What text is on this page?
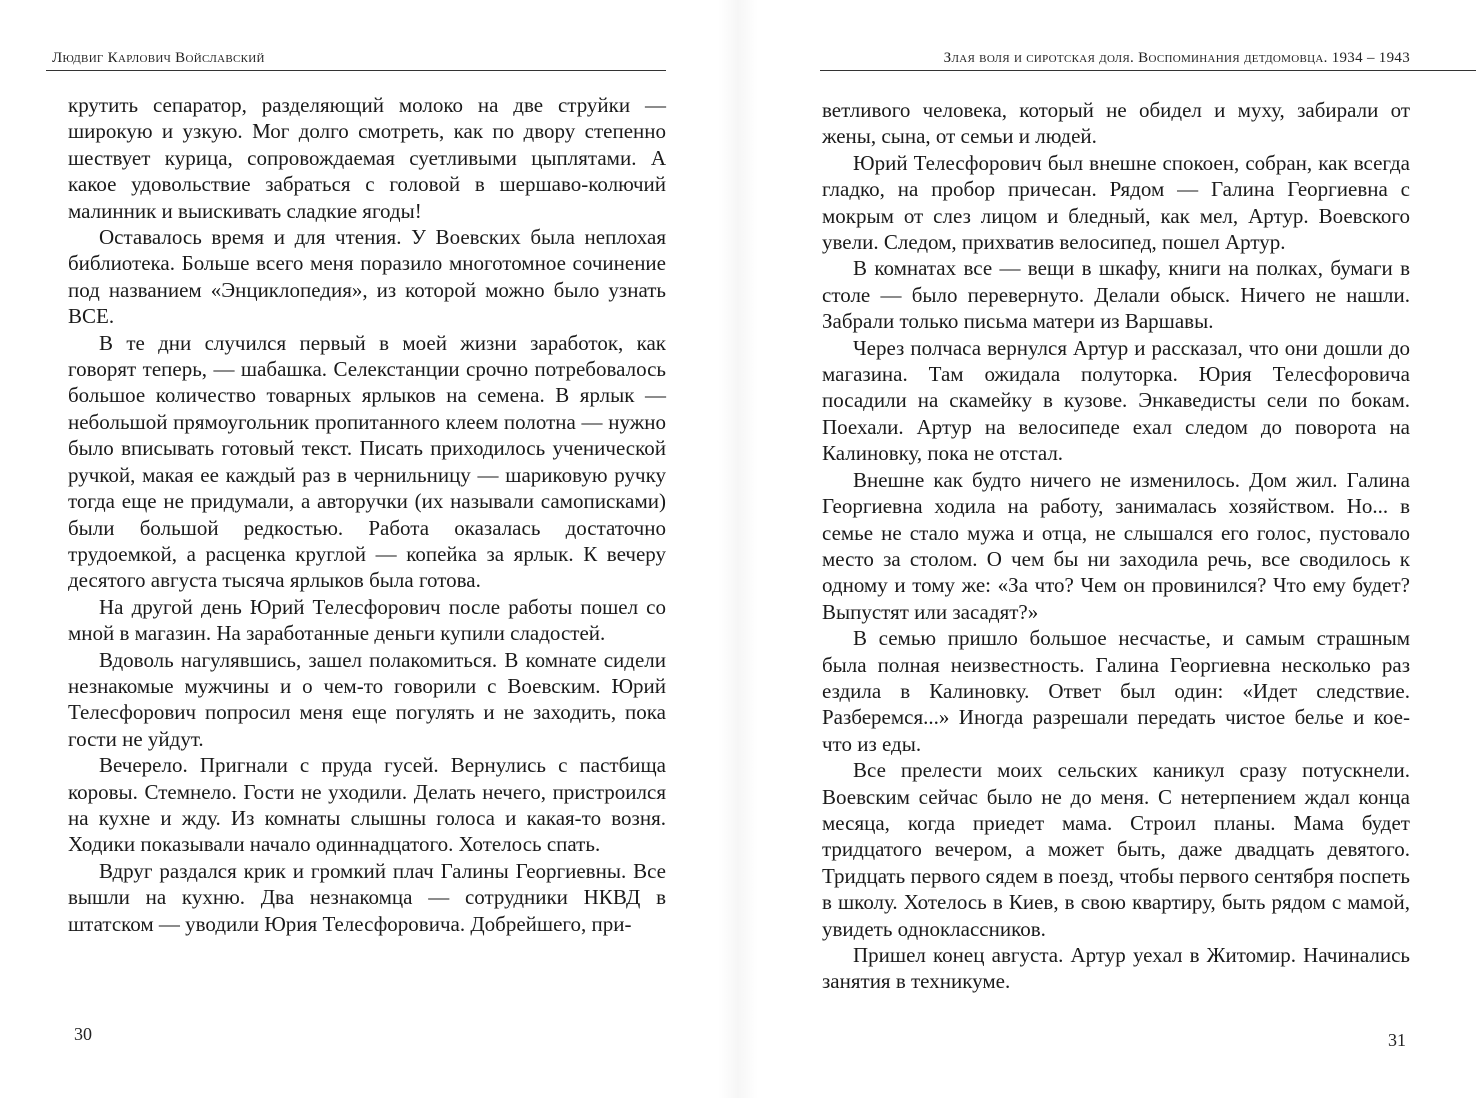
Людвиг Карлович Войславский

крутить сепаратор, разделяющий молоко на две струйки — широкую и узкую. Мог долго смотреть, как по двору степенно шествует курица, сопровождаемая суетливыми цыплятами. А какое удовольствие забраться с головой в шершаво-колючий малинник и выискивать сладкие ягоды!

Оставалось время и для чтения. У Воевских была неплохая библиотека. Больше всего меня поразило многотомное сочинение под названием «Энциклопедия», из которой можно было узнать ВСЕ.

В те дни случился первый в моей жизни заработок, как говорят теперь, — шабашка. Селекстанции срочно потребовалось большое количество товарных ярлыков на семена. В ярлык — небольшой прямоугольник пропитанного клеем полотна — нужно было вписывать готовый текст. Писать приходилось ученической ручкой, макая ее каждый раз в чернильницу — шариковую ручку тогда еще не придумали, а авторучки (их называли самописками) были большой редкостью. Работа оказалась достаточно трудоемкой, а расценка круглой — копейка за ярлык. К вечеру десятого августа тысяча ярлыков была готова.

На другой день Юрий Телесфорович после работы пошел со мной в магазин. На заработанные деньги купили сладостей.

Вдоволь нагулявшись, зашел полакомиться. В комнате сидели незнакомые мужчины и о чем-то говорили с Воевским. Юрий Телесфорович попросил меня еще погулять и не заходить, пока гости не уйдут.

Вечерело. Пригнали с пруда гусей. Вернулись с пастбища коровы. Стемнело. Гости не уходили. Делать нечего, пристроился на кухне и жду. Из комнаты слышны голоса и какая-то возня. Ходики показывали начало одиннадцатого. Хотелось спать.

Вдруг раздался крик и громкий плач Галины Георгиевны. Все вышли на кухню. Два незнакомца — сотрудники НКВД в штатском — уводили Юрия Телесфоровича. Добрейшего, при-

30
Злая воля и сиротская доля. Воспоминания детдомовца. 1934 – 1943

ветливого человека, который не обидел и муху, забирали от жены, сына, от семьи и людей.

Юрий Телесфорович был внешне спокоен, собран, как всегда гладко, на пробор причесан. Рядом — Галина Георгиевна с мокрым от слез лицом и бледный, как мел, Артур. Воевского увели. Следом, прихватив велосипед, пошел Артур.

В комнатах все — вещи в шкафу, книги на полках, бумаги в столе — было перевернуто. Делали обыск. Ничего не нашли. Забрали только письма матери из Варшавы.

Через полчаса вернулся Артур и рассказал, что они дошли до магазина. Там ожидала полуторка. Юрия Телесфоровича посадили на скамейку в кузове. Энкаведисты сели по бокам. Поехали. Артур на велосипеде ехал следом до поворота на Калиновку, пока не отстал.

Внешне как будто ничего не изменилось. Дом жил. Галина Георгиевна ходила на работу, занималась хозяйством. Но... в семье не стало мужа и отца, не слышался его голос, пустовало место за столом. О чем бы ни заходила речь, все сводилось к одному и тому же: «За что? Чем он провинился? Что ему будет? Выпустят или засадят?»

В семью пришло большое несчастье, и самым страшным была полная неизвестность. Галина Георгиевна несколько раз ездила в Калиновку. Ответ был один: «Идет следствие. Разберемся...» Иногда разрешали передать чистое белье и кое-что из еды.

Все прелести моих сельских каникул сразу потускнели. Воевским сейчас было не до меня. С нетерпением ждал конца месяца, когда приедет мама. Строил планы. Мама будет тридцатого вечером, а может быть, даже двадцать девятого. Тридцать первого сядем в поезд, чтобы первого сентября поспеть в школу. Хотелось в Киев, в свою квартиру, быть рядом с мамой, увидеть одноклассников.

Пришел конец августа. Артур уехал в Житомир. Начинались занятия в техникуме.

31
